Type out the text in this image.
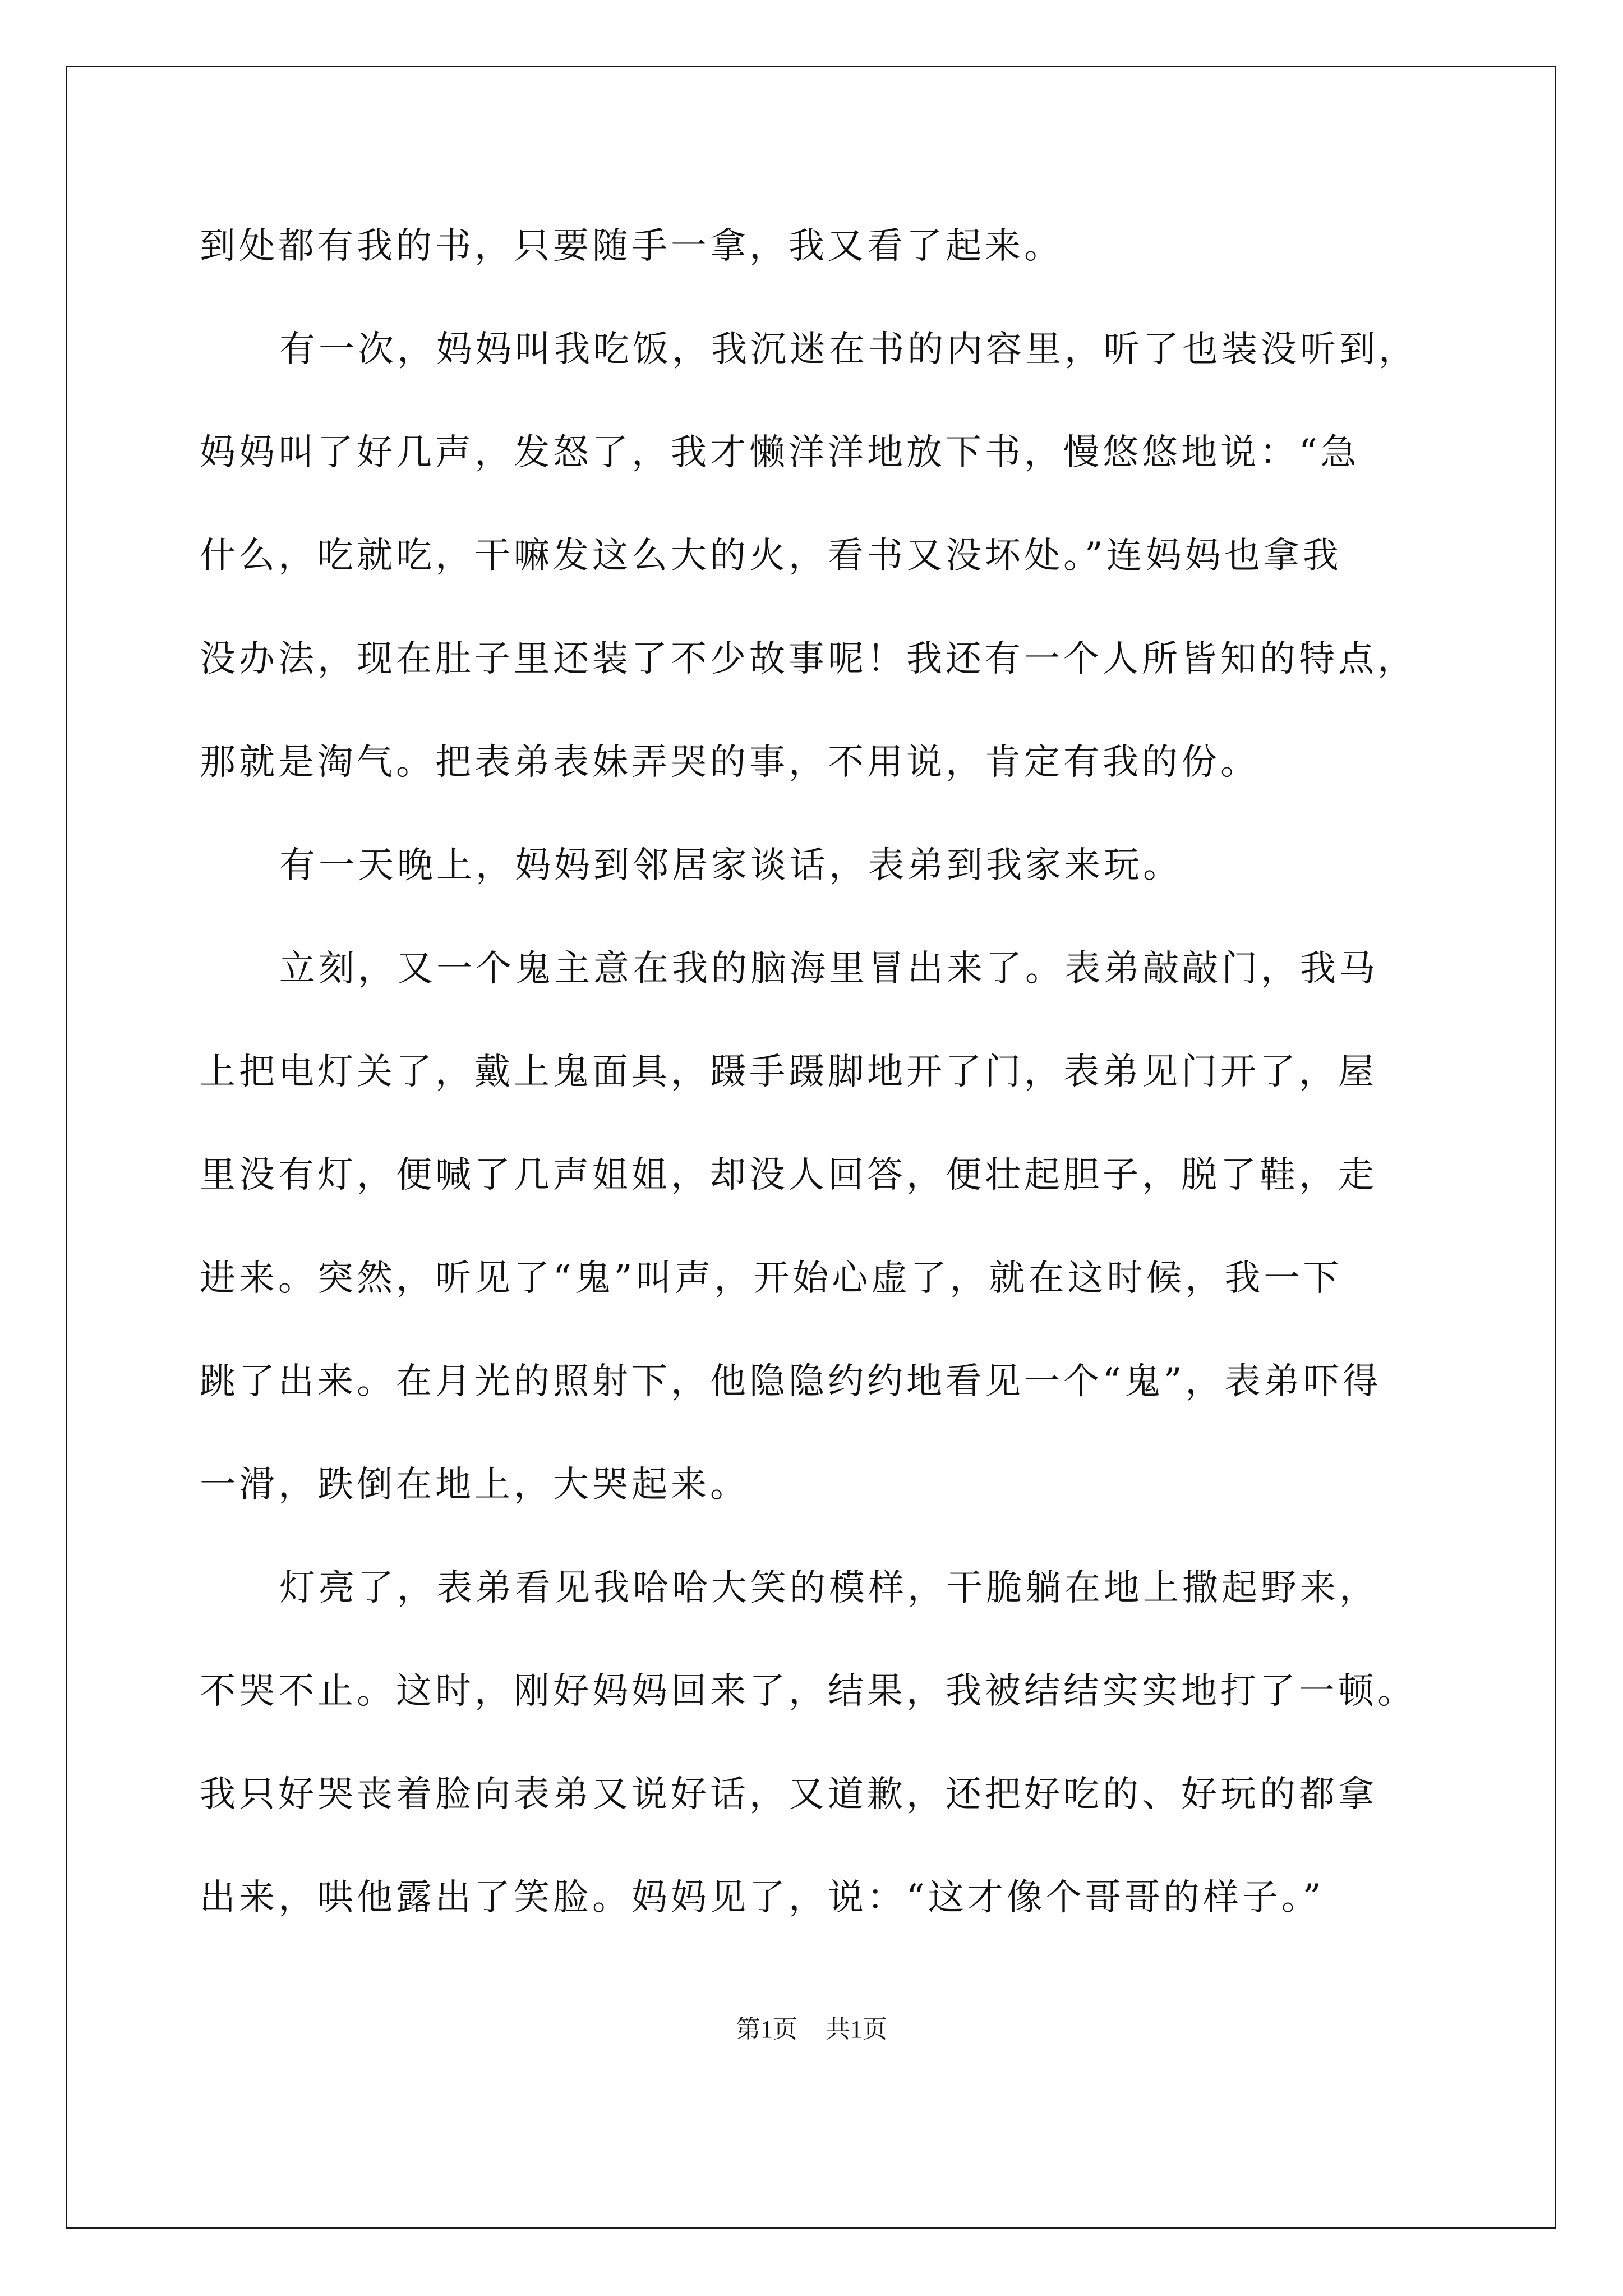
到处都有我的书，只要随手一拿，我又看了起来。
有一次，妈妈叫我吃饭，我沉迷在书的内容里，听了也装没听到，
妈妈叫了好几声，发怒了，我才懒洋洋地放下书，慢悠悠地说：“急
什么，吃就吃，干嘛发这么大的火，看书又没坏处。”连妈妈也拿我
没办法，现在肚子里还装了不少故事呢！我还有一个人所皆知的特点，
那就是淘气。把表弟表妹弄哭的事，不用说，肯定有我的份。
有一天晚上，妈妈到邻居家谈话，表弟到我家来玩。
立刻，又一个鬼主意在我的脑海里冒出来了。表弟敲敲门，我马
上把电灯关了，戴上鬼面具，蹑手蹑脚地开了门，表弟见门开了，屋
里没有灯，便喊了几声姐姐，却没人回答，便壮起胆子，脱了鞋，走
进来。突然，听见了“鬼”叫声，开始心虚了，就在这时候，我一下
跳了出来。在月光的照射下，他隐隐约约地看见一个“鬼”，表弟吓得
一滑，跌倒在地上，大哭起来。
灯亮了，表弟看见我哈哈大笑的模样，干脆躺在地上撒起野来，
不哭不止。这时，刚好妈妈回来了，结果，我被结结实实地打了一顿。
我只好哭丧着脸向表弟又说好话，又道歉，还把好吃的、好玩的都拿
出来，哄他露出了笑脸。妈妈见了，说：“这才像个哥哥的样子。”
第1页 共1页
